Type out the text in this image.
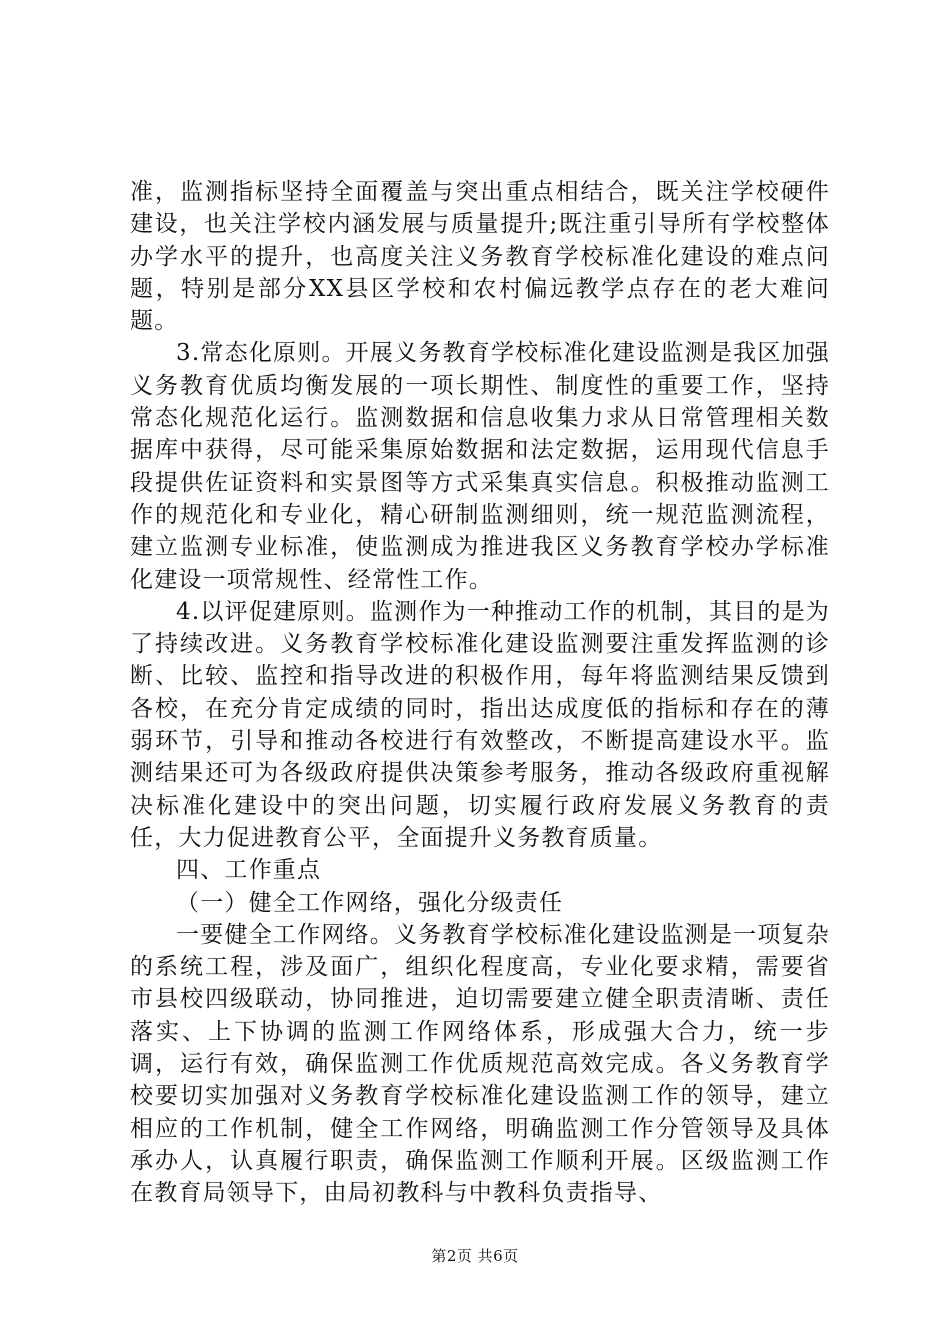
准，监测指标坚持全面覆盖与突出重点相结合，既关注学校硬件建设，也关注学校内涵发展与质量提升;既注重引导所有学校整体办学水平的提升，也高度关注义务教育学校标准化建设的难点问题，特别是部分XX县区学校和农村偏远教学点存在的老大难问题。

3.常态化原则。开展义务教育学校标准化建设监测是我区加强义务教育优质均衡发展的一项长期性、制度性的重要工作，坚持常态化规范化运行。监测数据和信息收集力求从日常管理相关数据库中获得，尽可能采集原始数据和法定数据，运用现代信息手段提供佐证资料和实景图等方式采集真实信息。积极推动监测工作的规范化和专业化，精心研制监测细则，统一规范监测流程，建立监测专业标准，使监测成为推进我区义务教育学校办学标准化建设一项常规性、经常性工作。

4.以评促建原则。监测作为一种推动工作的机制，其目的是为了持续改进。义务教育学校标准化建设监测要注重发挥监测的诊断、比较、监控和指导改进的积极作用，每年将监测结果反馈到各校，在充分肯定成绩的同时，指出达成度低的指标和存在的薄弱环节，引导和推动各校进行有效整改，不断提高建设水平。监测结果还可为各级政府提供决策参考服务，推动各级政府重视解决标准化建设中的突出问题，切实履行政府发展义务教育的责任，大力促进教育公平，全面提升义务教育质量。

四、工作重点

（一）健全工作网络，强化分级责任

一要健全工作网络。义务教育学校标准化建设监测是一项复杂的系统工程，涉及面广，组织化程度高，专业化要求精，需要省市县校四级联动，协同推进，迫切需要建立健全职责清晰、责任落实、上下协调的监测工作网络体系，形成强大合力，统一步调，运行有效，确保监测工作优质规范高效完成。各义务教育学校要切实加强对义务教育学校标准化建设监测工作的领导，建立相应的工作机制，健全工作网络，明确监测工作分管领导及具体承办人，认真履行职责，确保监测工作顺利开展。区级监测工作在教育局领导下，由局初教科与中教科负责指导、

第2页 共6页
